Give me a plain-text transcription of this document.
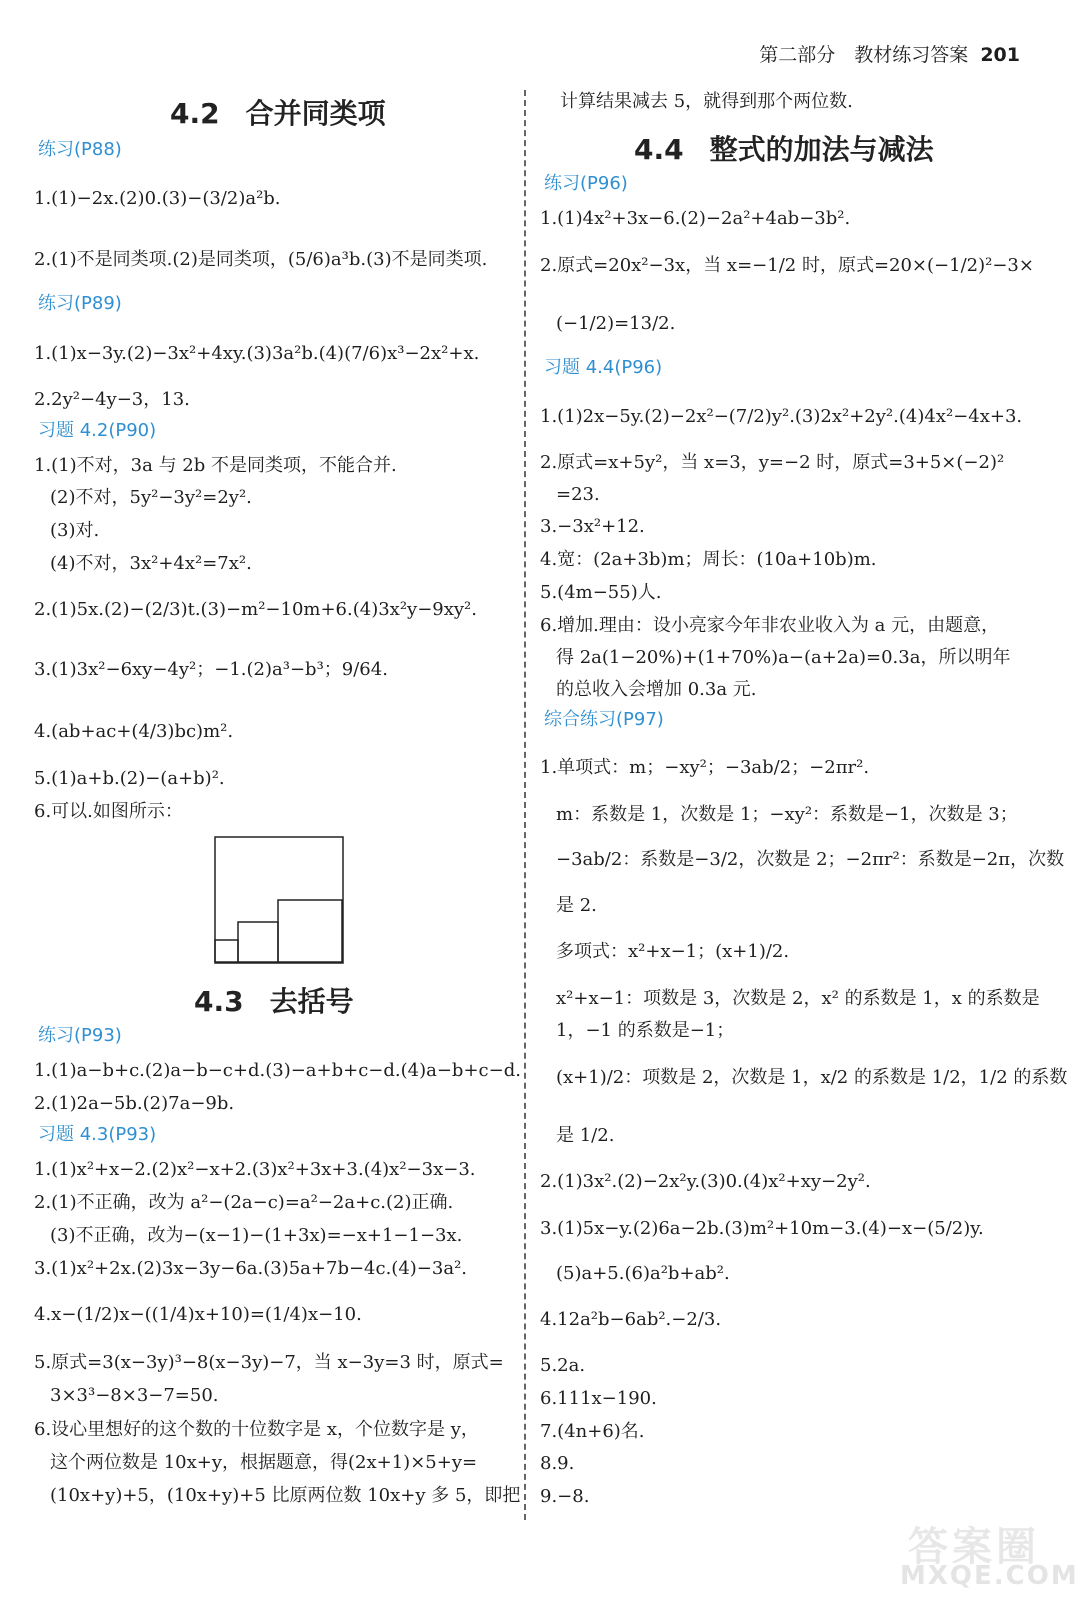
第二部分　教材练习答案 201
4.2 合并同类项
练习(P88)
1.(1)−2x.(2)0.(3)−(3/2)a²b.
2.(1)不是同类项.(2)是同类项，(5/6)a³b.(3)不是同类项.
练习(P89)
1.(1)x−3y.(2)−3x²+4xy.(3)3a²b.(4)(7/6)x³−2x²+x.
2.2y²−4y−3，13.
习题 4.2(P90)
1.(1)不对，3a 与 2b 不是同类项，不能合并.
(2)不对，5y²−3y²=2y².
(3)对.
(4)不对，3x²+4x²=7x².
2.(1)5x.(2)−(2/3)t.(3)−m²−10m+6.(4)3x²y−9xy².
3.(1)3x²−6xy−4y²；−1.(2)a³−b³；9/64.
4.(ab+ac+(4/3)bc)m².
5.(1)a+b.(2)−(a+b)².
6.可以.如图所示：
4.3 去括号
练习(P93)
1.(1)a−b+c.(2)a−b−c+d.(3)−a+b+c−d.(4)a−b+c−d.
2.(1)2a−5b.(2)7a−9b.
习题 4.3(P93)
1.(1)x²+x−2.(2)x²−x+2.(3)x²+3x+3.(4)x²−3x−3.
2.(1)不正确，改为 a²−(2a−c)=a²−2a+c.(2)正确.
(3)不正确，改为−(x−1)−(1+3x)=−x+1−1−3x.
3.(1)x²+2x.(2)3x−3y−6a.(3)5a+7b−4c.(4)−3a².
4.x−(1/2)x−((1/4)x+10)=(1/4)x−10.
5.原式=3(x−3y)³−8(x−3y)−7，当 x−3y=3 时，原式=
3×3³−8×3−7=50.
6.设心里想好的这个数的十位数字是 x，个位数字是 y，
这个两位数是 10x+y，根据题意，得(2x+1)×5+y=
(10x+y)+5，(10x+y)+5 比原两位数 10x+y 多 5，即把
计算结果减去 5，就得到那个两位数.
4.4 整式的加法与减法
练习(P96)
1.(1)4x²+3x−6.(2)−2a²+4ab−3b².
2.原式=20x²−3x，当 x=−1/2 时，原式=20×(−1/2)²−3×
(−1/2)=13/2.
习题 4.4(P96)
1.(1)2x−5y.(2)−2x²−(7/2)y².(3)2x²+2y².(4)4x²−4x+3.
2.原式=x+5y²，当 x=3，y=−2 时，原式=3+5×(−2)²
=23.
3.−3x²+12.
4.宽：(2a+3b)m；周长：(10a+10b)m.
5.(4m−55)人.
6.增加.理由：设小亮家今年非农业收入为 a 元，由题意，
得 2a(1−20%)+(1+70%)a−(a+2a)=0.3a，所以明年
的总收入会增加 0.3a 元.
综合练习(P97)
1.单项式：m；−xy²；−3ab/2；−2πr².
m：系数是 1，次数是 1；−xy²：系数是−1，次数是 3；
−3ab/2：系数是−3/2，次数是 2；−2πr²：系数是−2π，次数
是 2.
多项式：x²+x−1；(x+1)/2.
x²+x−1：项数是 3，次数是 2，x² 的系数是 1，x 的系数是
1，−1 的系数是−1；
(x+1)/2：项数是 2，次数是 1，x/2 的系数是 1/2，1/2 的系数
是 1/2.
2.(1)3x².(2)−2x²y.(3)0.(4)x²+xy−2y².
3.(1)5x−y.(2)6a−2b.(3)m²+10m−3.(4)−x−(5/2)y.
(5)a+5.(6)a²b+ab².
4.12a²b−6ab².−2/3.
5.2a.
6.111x−190.
7.(4n+6)名.
8.9.
9.−8.
答案圈
MXQE.COM
